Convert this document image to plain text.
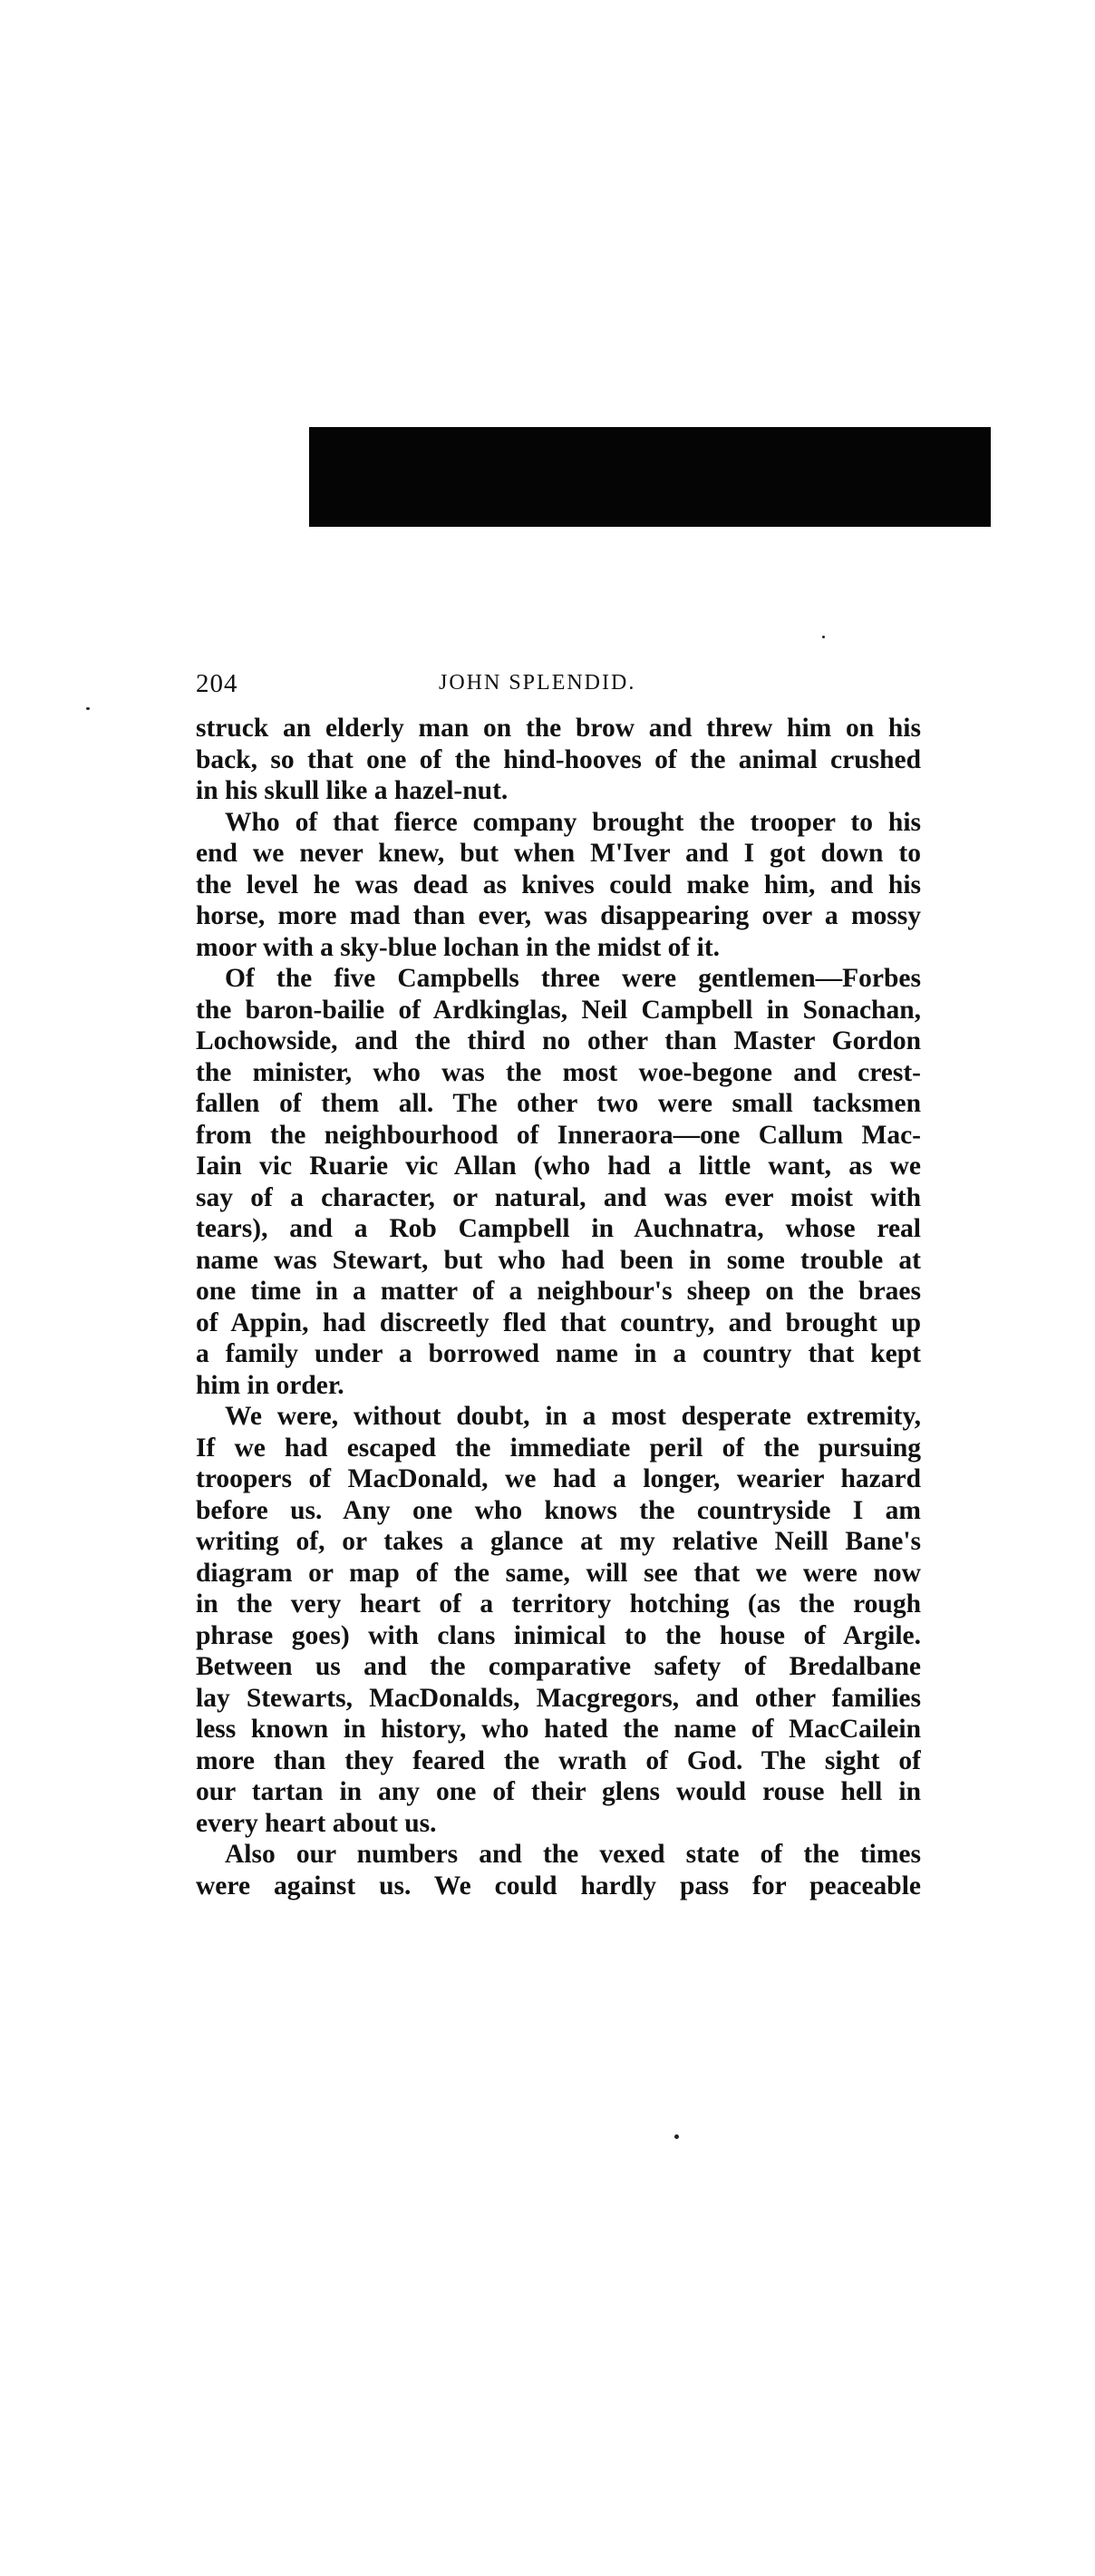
204	JOHN SPLENDID.
struck an elderly man on the brow and threw him on his
back, so that one of the hind-hooves of the animal crushed
in his skull like a hazel-nut.
Who of that fierce company brought the trooper to his
end we never knew, but when M'Iver and I got down to
the level he was dead as knives could make him, and his
horse, more mad than ever, was disappearing over a mossy
moor with a sky-blue lochan in the midst of it.
Of the five Campbells three were gentlemen—Forbes
the baron-bailie of Ardkinglas, Neil Campbell in Sonachan,
Lochowside, and the third no other than Master Gordon
the minister, who was the most woe-begone and crest-
fallen of them all. The other two were small tacksmen
from the neighbourhood of Inneraora—one Callum Mac-
Iain vic Ruarie vic Allan (who had a little want, as we
say of a character, or natural, and was ever moist with
tears), and a Rob Campbell in Auchnatra, whose real
name was Stewart, but who had been in some trouble at
one time in a matter of a neighbour's sheep on the braes
of Appin, had discreetly fled that country, and brought up
a family under a borrowed name in a country that kept
him in order.
We were, without doubt, in a most desperate extremity,
If we had escaped the immediate peril of the pursuing
troopers of MacDonald, we had a longer, wearier hazard
before us. Any one who knows the countryside I am
writing of, or takes a glance at my relative Neill Bane's
diagram or map of the same, will see that we were now
in the very heart of a territory hotching (as the rough
phrase goes) with clans inimical to the house of Argile.
Between us and the comparative safety of Bredalbane
lay Stewarts, MacDonalds, Macgregors, and other families
less known in history, who hated the name of MacCailein
more than they feared the wrath of God. The sight of
our tartan in any one of their glens would rouse hell in
every heart about us.
Also our numbers and the vexed state of the times
were against us. We could hardly pass for peaceable
